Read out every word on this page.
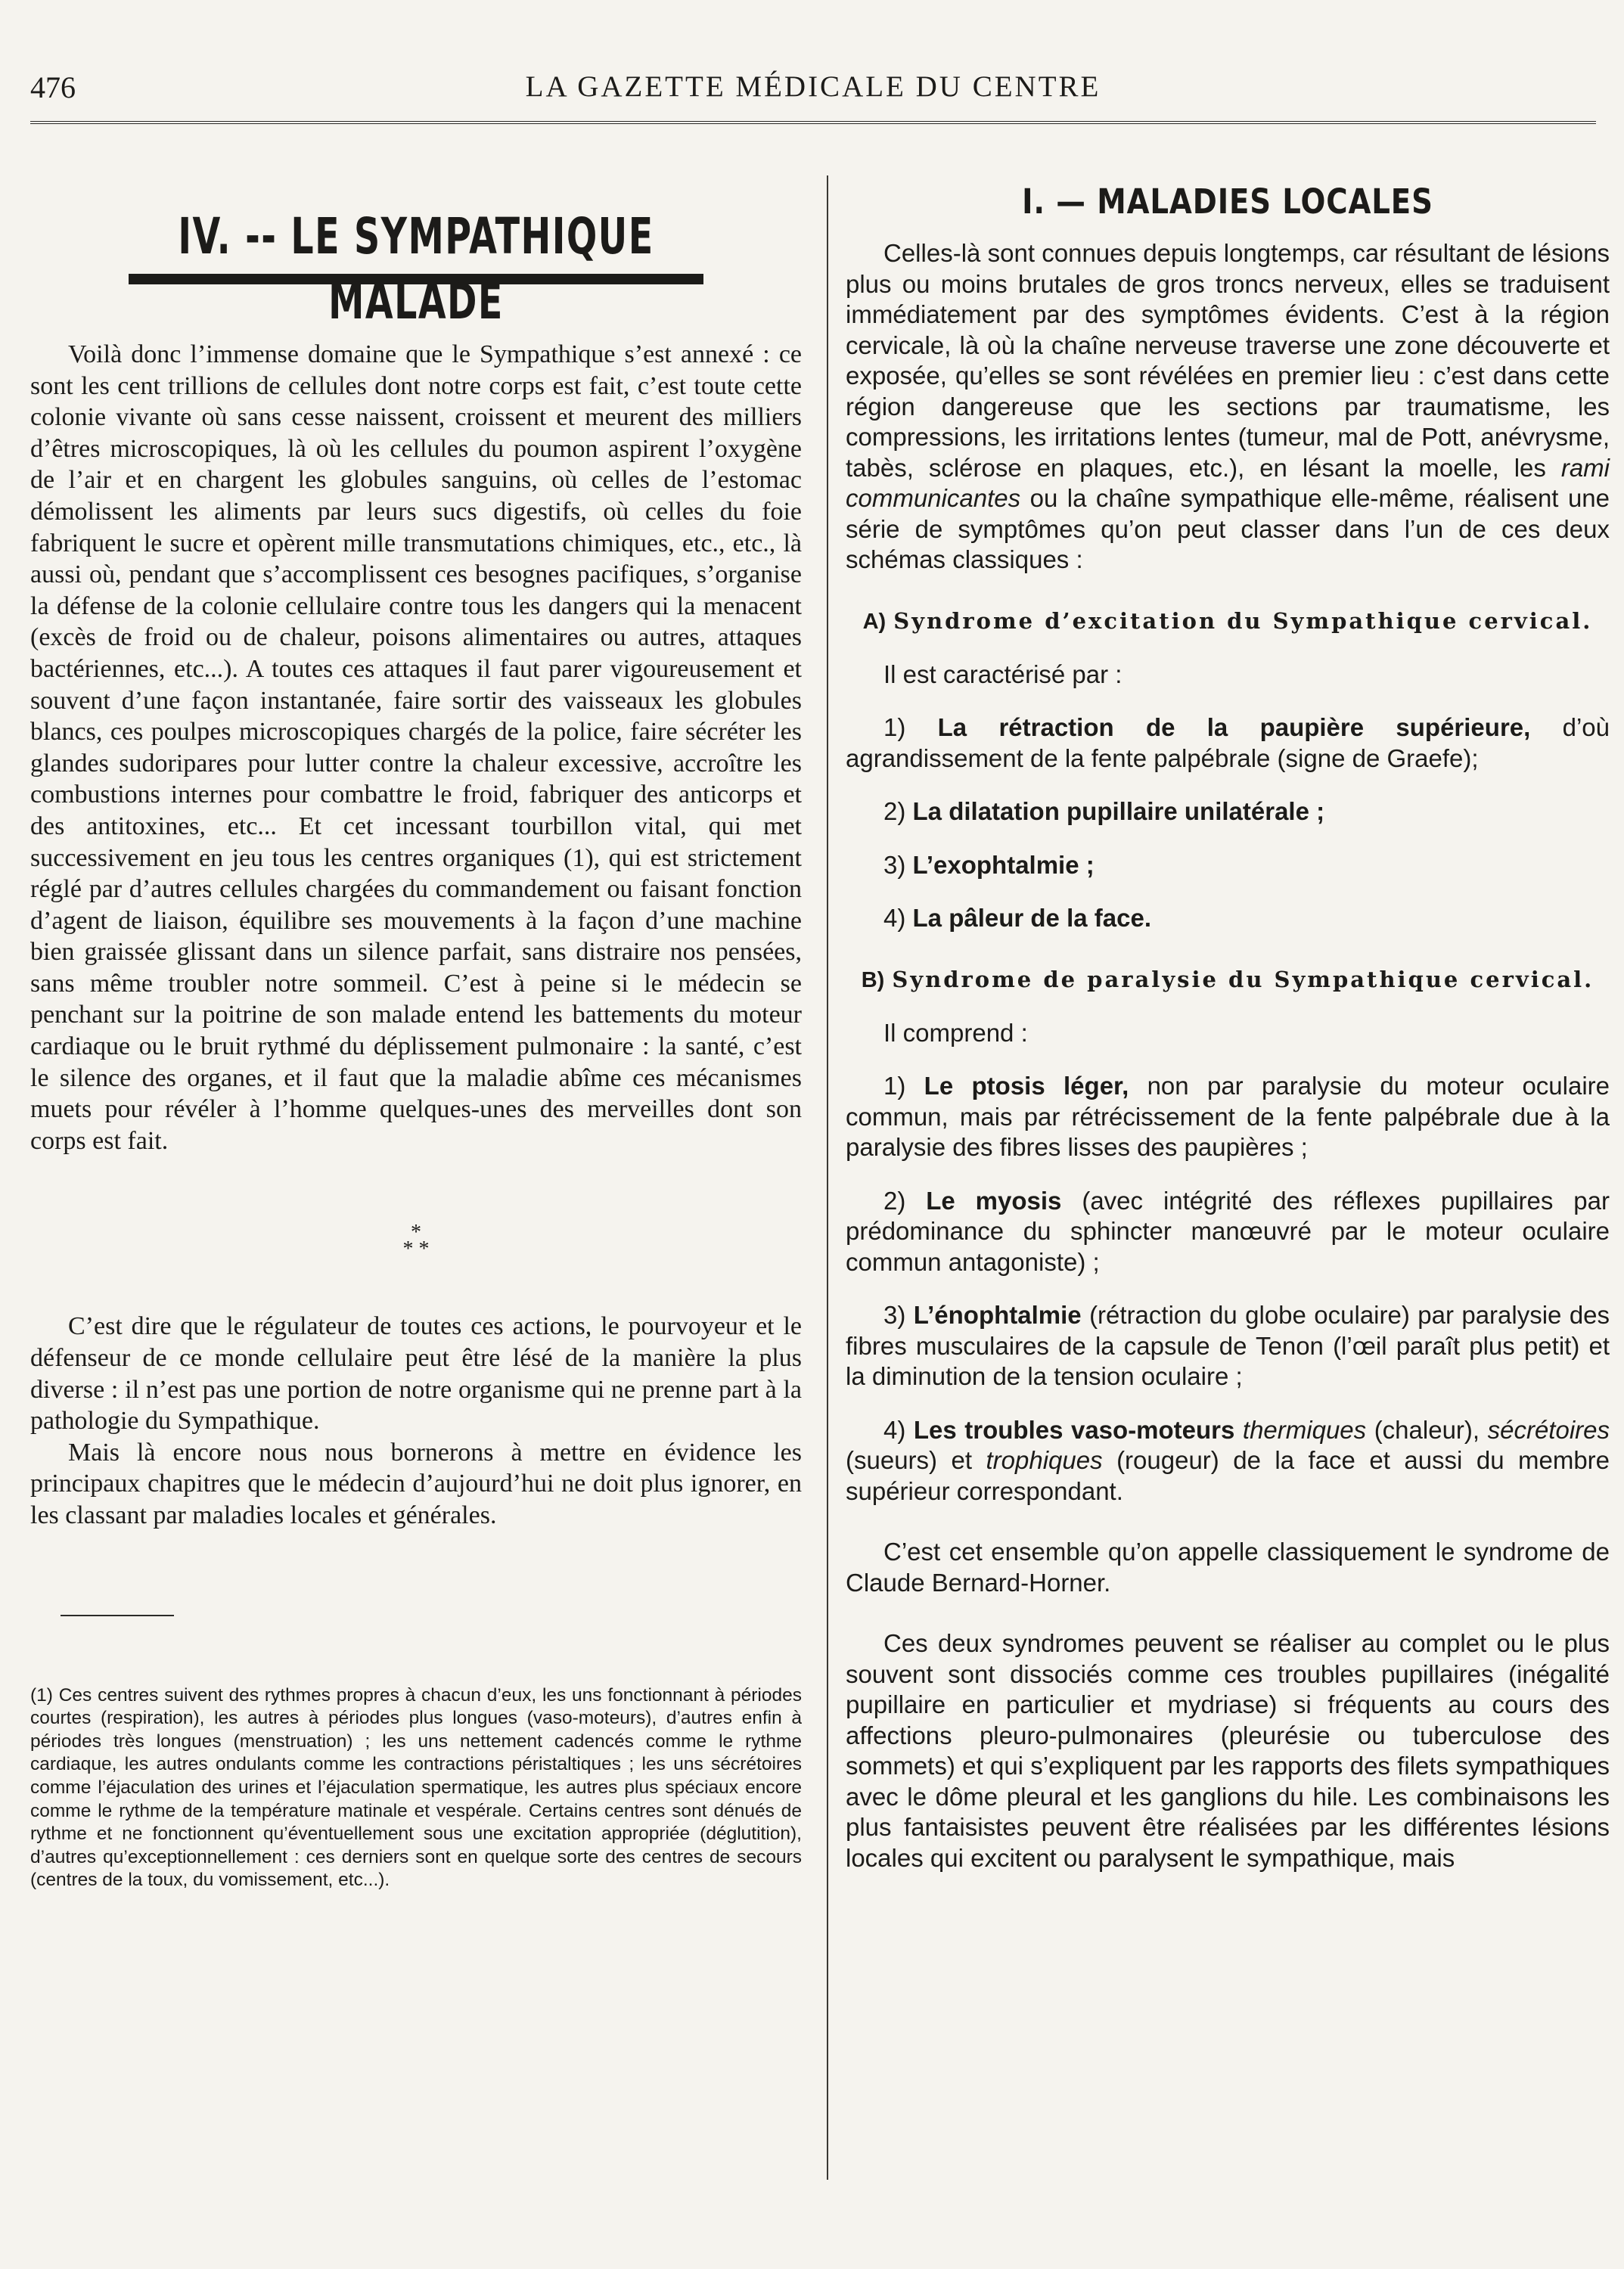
476	LA GAZETTE MÉDICALE DU CENTRE
IV. -- LE SYMPATHIQUE MALADE

Voilà donc l’immense domaine que le Sympathique s’est annexé : ce sont les cent trillions de cellules dont notre corps est fait, c’est toute cette colonie vivante où sans cesse naissent, croissent et meurent des milliers d’êtres microscopiques, là où les cellules du poumon aspirent l’oxygène de l’air et en chargent les globules sanguins, où celles de l’estomac démolissent les aliments par leurs sucs digestifs, où celles du foie fabriquent le sucre et opèrent mille transmutations chimiques, etc., etc., là aussi où, pendant que s’accomplissent ces besognes pacifiques, s’organise la défense de la colonie cellulaire contre tous les dangers qui la menacent (excès de froid ou de chaleur, poisons alimentaires ou autres, attaques bactériennes, etc...). A toutes ces attaques il faut parer vigoureusement et souvent d’une façon instantanée, faire sortir des vaisseaux les globules blancs, ces poulpes microscopiques chargés de la police, faire sécréter les glandes sudoripares pour lutter contre la chaleur excessive, accroître les combustions internes pour combattre le froid, fabriquer des anticorps et des antitoxines, etc... Et cet incessant tourbillon vital, qui met successivement en jeu tous les centres organiques (1), qui est strictement réglé par d’autres cellules chargées du commandement ou faisant fonction d’agent de liaison, équilibre ses mouvements à la façon d’une machine bien graissée glissant dans un silence parfait, sans distraire nos pensées, sans même troubler notre sommeil. C’est à peine si le médecin se penchant sur la poitrine de son malade entend les battements du moteur cardiaque ou le bruit rythmé du déplissement pulmonaire : la santé, c’est le silence des organes, et il faut que la maladie abîme ces mécanismes muets pour révéler à l’homme quelques-unes des merveilles dont son corps est fait.

*
* *

C’est dire que le régulateur de toutes ces actions, le pourvoyeur et le défenseur de ce monde cellulaire peut être lésé de la manière la plus diverse : il n’est pas une portion de notre organisme qui ne prenne part à la pathologie du Sympathique.

Mais là encore nous nous bornerons à mettre en évidence les principaux chapitres que le médecin d’aujourd’hui ne doit plus ignorer, en les classant par maladies locales et générales.

(1) Ces centres suivent des rythmes propres à chacun d’eux, les uns fonctionnant à périodes courtes (respiration), les autres à périodes plus longues (vaso-moteurs), d’autres enfin à périodes très longues (menstruation) ; les uns nettement cadencés comme le rythme cardiaque, les autres ondulants comme les contractions péristaltiques ; les uns sécrétoires comme l’éjaculation des urines et l’éjaculation spermatique, les autres plus spéciaux encore comme le rythme de la température matinale et vespérale. Certains centres sont dénués de rythme et ne fonctionnent qu’éventuellement sous une excitation appropriée (déglutition), d’autres qu’exceptionnellement : ces derniers sont en quelque sorte des centres de secours (centres de la toux, du vomissement, etc...).
I. — MALADIES LOCALES

Celles-là sont connues depuis longtemps, car résultant de lésions plus ou moins brutales de gros troncs nerveux, elles se traduisent immédiatement par des symptômes évidents. C’est à la région cervicale, là où la chaîne nerveuse traverse une zone découverte et exposée, qu’elles se sont révélées en premier lieu : c’est dans cette région dangereuse que les sections par traumatisme, les compressions, les irritations lentes (tumeur, mal de Pott, anévrysme, tabès, sclérose en plaques, etc.), en lésant la moelle, les rami communicantes ou la chaîne sympathique elle-même, réalisent une série de symptômes qu’on peut classer dans l’un de ces deux schémas classiques :

A) Syndrome d’excitation du Sympathique cervical.

Il est caractérisé par :

1) La rétraction de la paupière supérieure, d’où agrandissement de la fente palpébrale (signe de Graefe);

2) La dilatation pupillaire unilatérale ;

3) L’exophtalmie ;

4) La pâleur de la face.

B) Syndrome de paralysie du Sympathique cervical.

Il comprend :

1) Le ptosis léger, non par paralysie du moteur oculaire commun, mais par rétrécissement de la fente palpébrale due à la paralysie des fibres lisses des paupières ;

2) Le myosis (avec intégrité des réflexes pupillaires par prédominance du sphincter manœuvré par le moteur oculaire commun antagoniste) ;

3) L’énophtalmie (rétraction du globe oculaire) par paralysie des fibres musculaires de la capsule de Tenon (l’œil paraît plus petit) et la diminution de la tension oculaire ;

4) Les troubles vaso-moteurs thermiques (chaleur), sécrétoires (sueurs) et trophiques (rougeur) de la face et aussi du membre supérieur correspondant.

C’est cet ensemble qu’on appelle classiquement le syndrome de Claude Bernard-Horner.

Ces deux syndromes peuvent se réaliser au complet ou le plus souvent sont dissociés comme ces troubles pupillaires (inégalité pupillaire en particulier et mydriase) si fréquents au cours des affections pleuro-pulmonaires (pleurésie ou tuberculose des sommets) et qui s’expliquent par les rapports des filets sympathiques avec le dôme pleural et les ganglions du hile. Les combinaisons les plus fantaisistes peuvent être réalisées par les différentes lésions locales qui excitent ou paralysent le sympathique, mais
